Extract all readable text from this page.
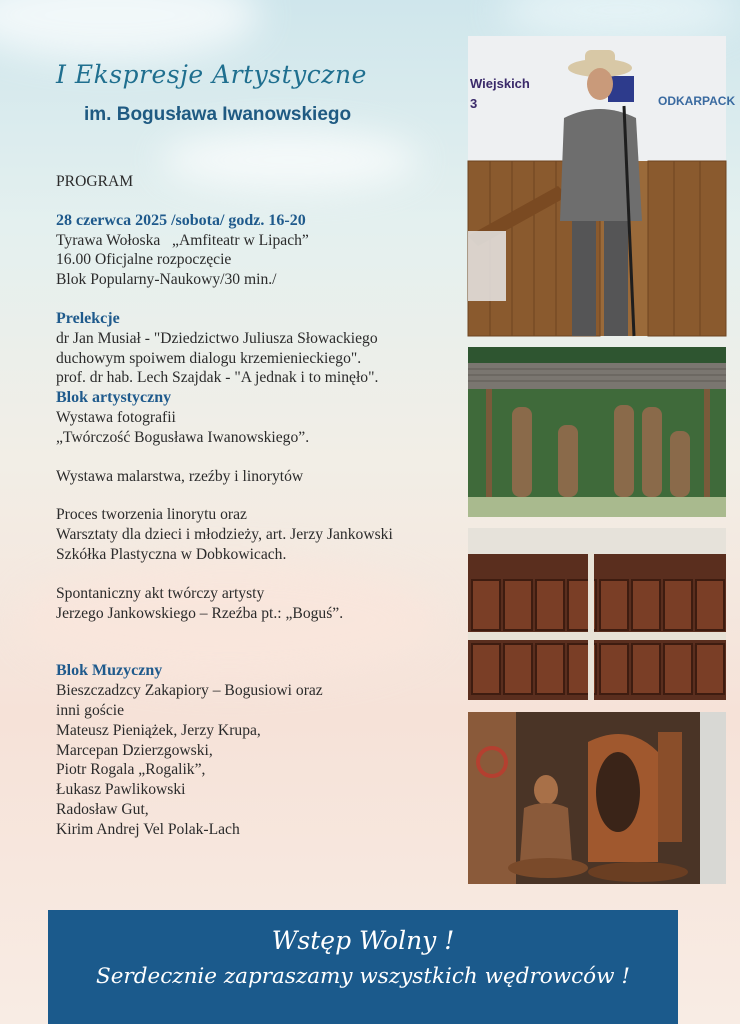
I Ekspresje Artystyczne
im. Bogusława Iwanowskiego

PROGRAM

28 czerwca 2025 /sobota/ godz. 16-20

Tyrawa Wołoska   „Amfiteatr w Lipach”

16.00 Oficjalne rozpoczęcie

Blok Popularny-Naukowy/30 min./

Prelekcje

dr Jan Musiał - "Dziedzictwo Juliusza Słowackiego

duchowym spoiwem dialogu krzemienieckiego".

prof. dr hab. Lech Szajdak - "A jednak i to minęło".

Blok artystyczny

Wystawa fotografii

„Twórczość Bogusława Iwanowskiego”.

Wystawa malarstwa, rzeźby i linorytów

Proces tworzenia linorytu oraz

Warsztaty dla dzieci i młodzieży, art. Jerzy Jankowski

Szkółka Plastyczna w Dobkowicach.

Spontaniczny akt twórczy artysty

Jerzego Jankowskiego – Rzeźba pt.: „Boguś”.

Blok Muzyczny

Bieszczadzcy Zakapiory – Bogusiowi oraz

inni goście

Mateusz Pieniążek, Jerzy Krupa,

Marcepan Dzierzgowski,

Piotr Rogala „Rogalik”,

Łukasz Pawlikowski

Radosław Gut,

Kirim Andrej Vel Polak-Lach

Wiejskich
3	ODKARPACK
Wstęp Wolny !
Serdecznie zapraszamy wszystkich wędrowców !
